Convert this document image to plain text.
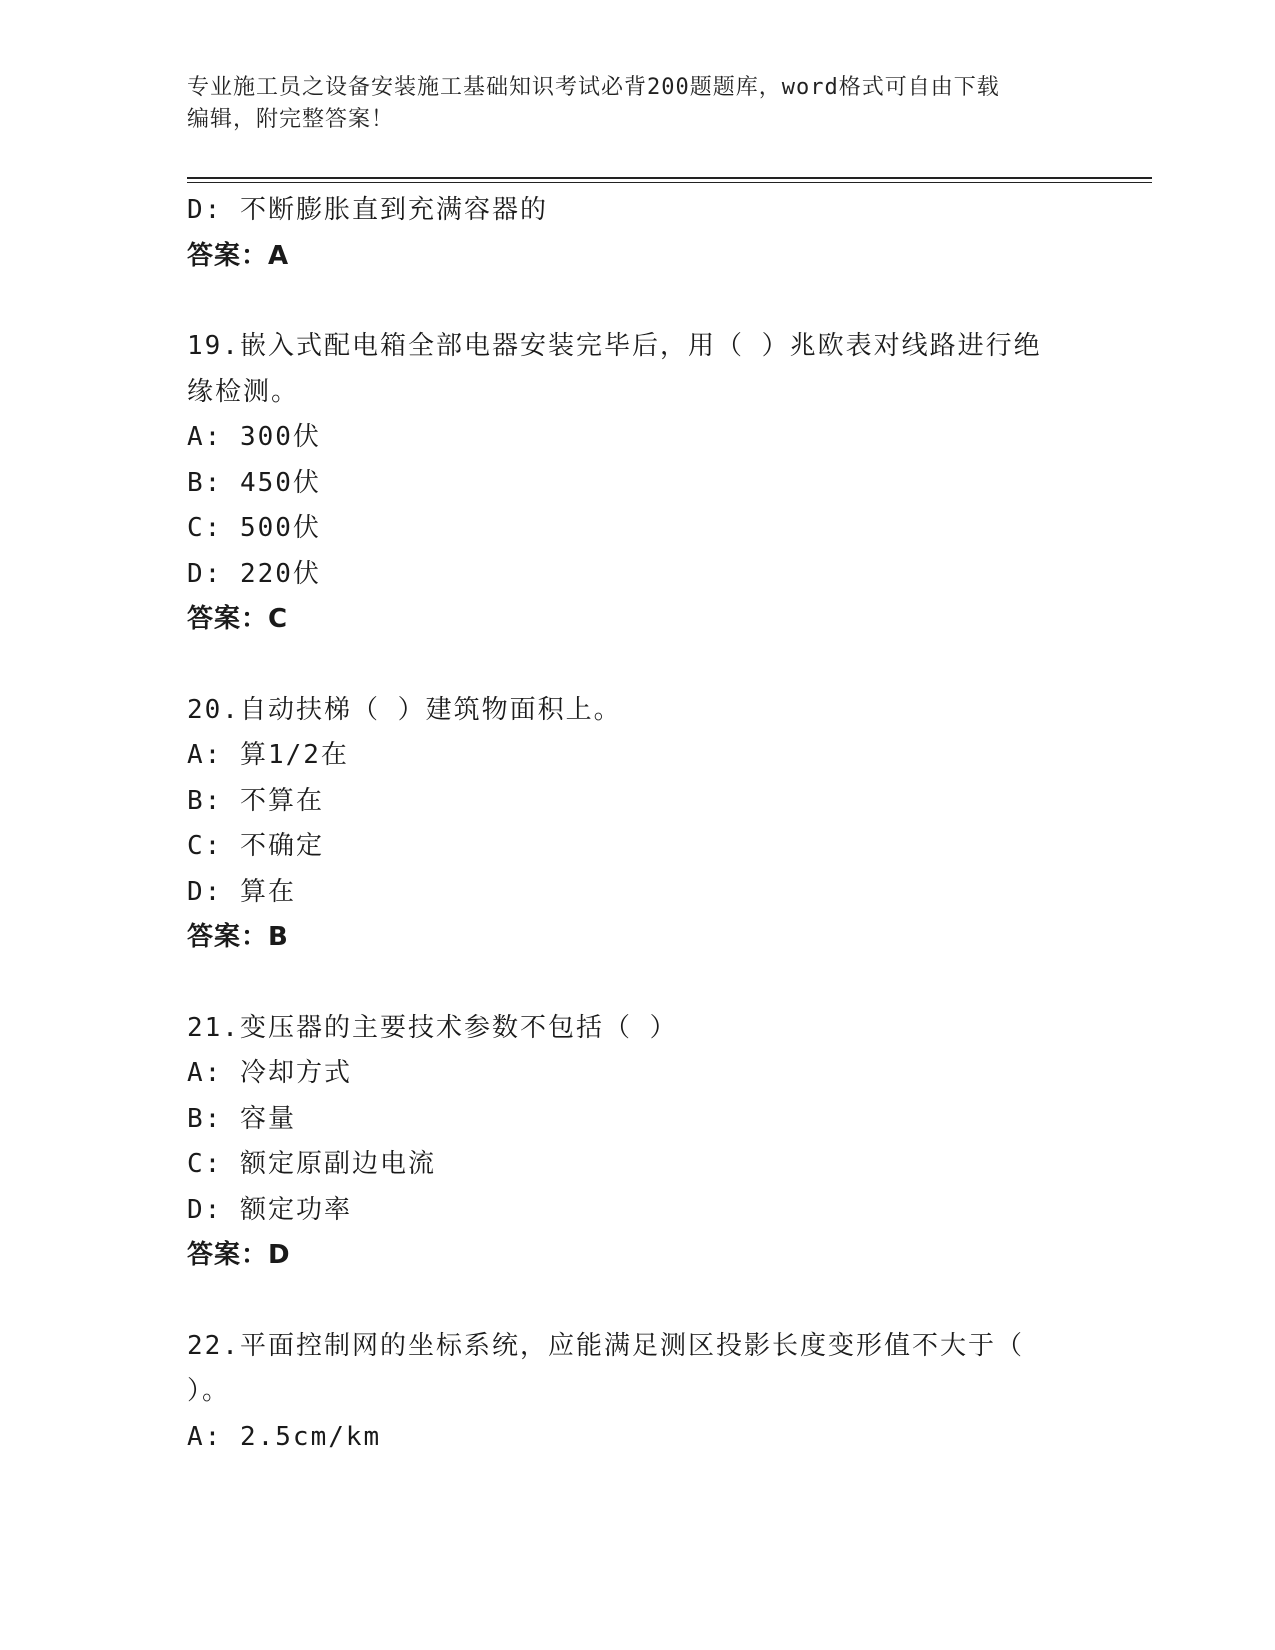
专业施工员之设备安装施工基础知识考试必背200题题库，word格式可自由下载
编辑，附完整答案！
D: 不断膨胀直到充满容器的
答案：A
19.嵌入式配电箱全部电器安装完毕后，用（ ）兆欧表对线路进行绝
缘检测。
A: 300伏
B: 450伏
C: 500伏
D: 220伏
答案：C
20.自动扶梯（ ）建筑物面积上。
A: 算1/2在
B: 不算在
C: 不确定
D: 算在
答案：B
21.变压器的主要技术参数不包括（ ）
A: 冷却方式
B: 容量
C: 额定原副边电流
D: 额定功率
答案：D
22.平面控制网的坐标系统，应能满足测区投影长度变形值不大于（
）。
A: 2.5cm/km
